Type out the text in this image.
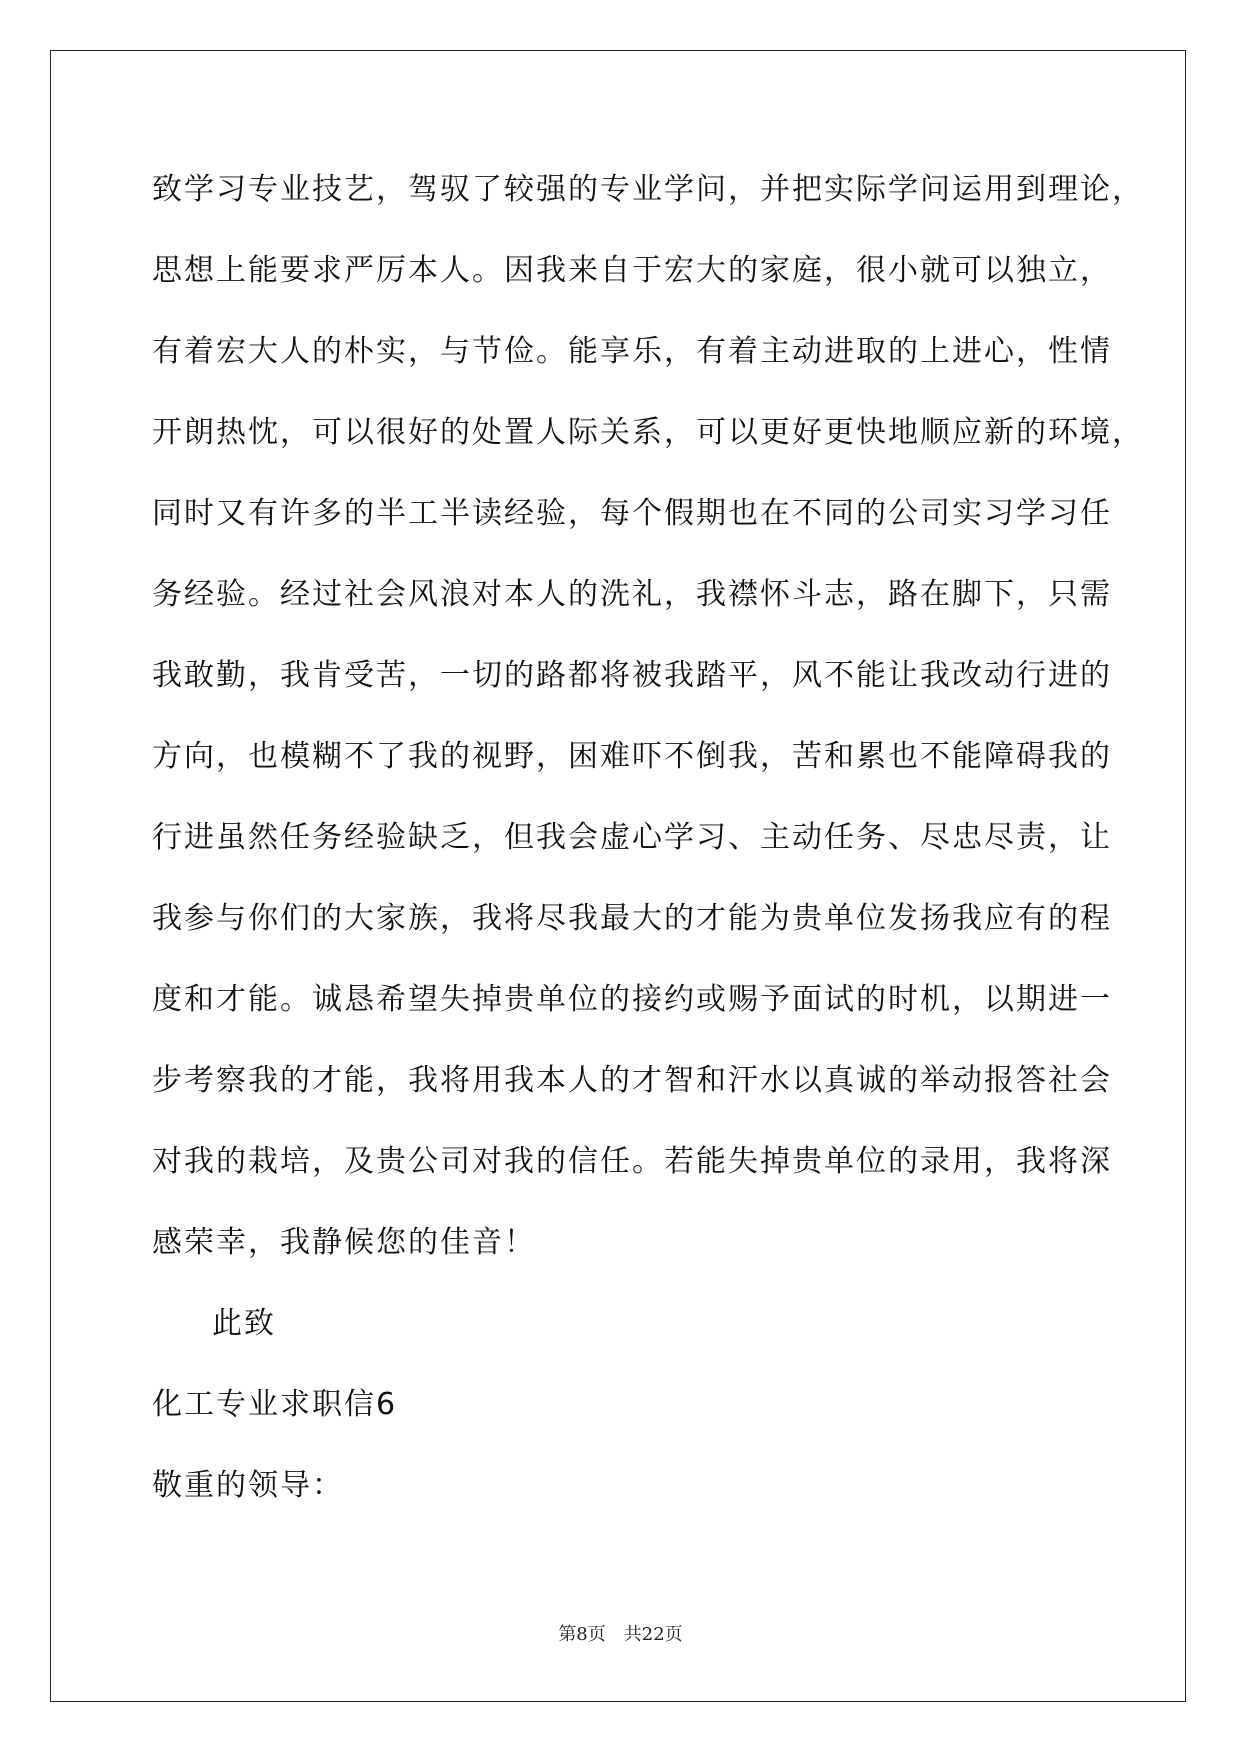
致学习专业技艺，驾驭了较强的专业学问，并把实际学问运用到理论，
思想上能要求严厉本人。因我来自于宏大的家庭，很小就可以独立，
有着宏大人的朴实，与节俭。能享乐，有着主动进取的上进心，性情
开朗热忱，可以很好的处置人际关系，可以更好更快地顺应新的环境，
同时又有许多的半工半读经验，每个假期也在不同的公司实习学习任
务经验。经过社会风浪对本人的洗礼，我襟怀斗志，路在脚下，只需
我敢勤，我肯受苦，一切的路都将被我踏平，风不能让我改动行进的
方向，也模糊不了我的视野，困难吓不倒我，苦和累也不能障碍我的
行进虽然任务经验缺乏，但我会虚心学习、主动任务、尽忠尽责，让
我参与你们的大家族，我将尽我最大的才能为贵单位发扬我应有的程
度和才能。诚恳希望失掉贵单位的接约或赐予面试的时机，以期进一
步考察我的才能，我将用我本人的才智和汗水以真诚的举动报答社会
对我的栽培，及贵公司对我的信任。若能失掉贵单位的录用，我将深
感荣幸，我静候您的佳音！
此致
化工专业求职信6
敬重的领导：
第8页 共22页
